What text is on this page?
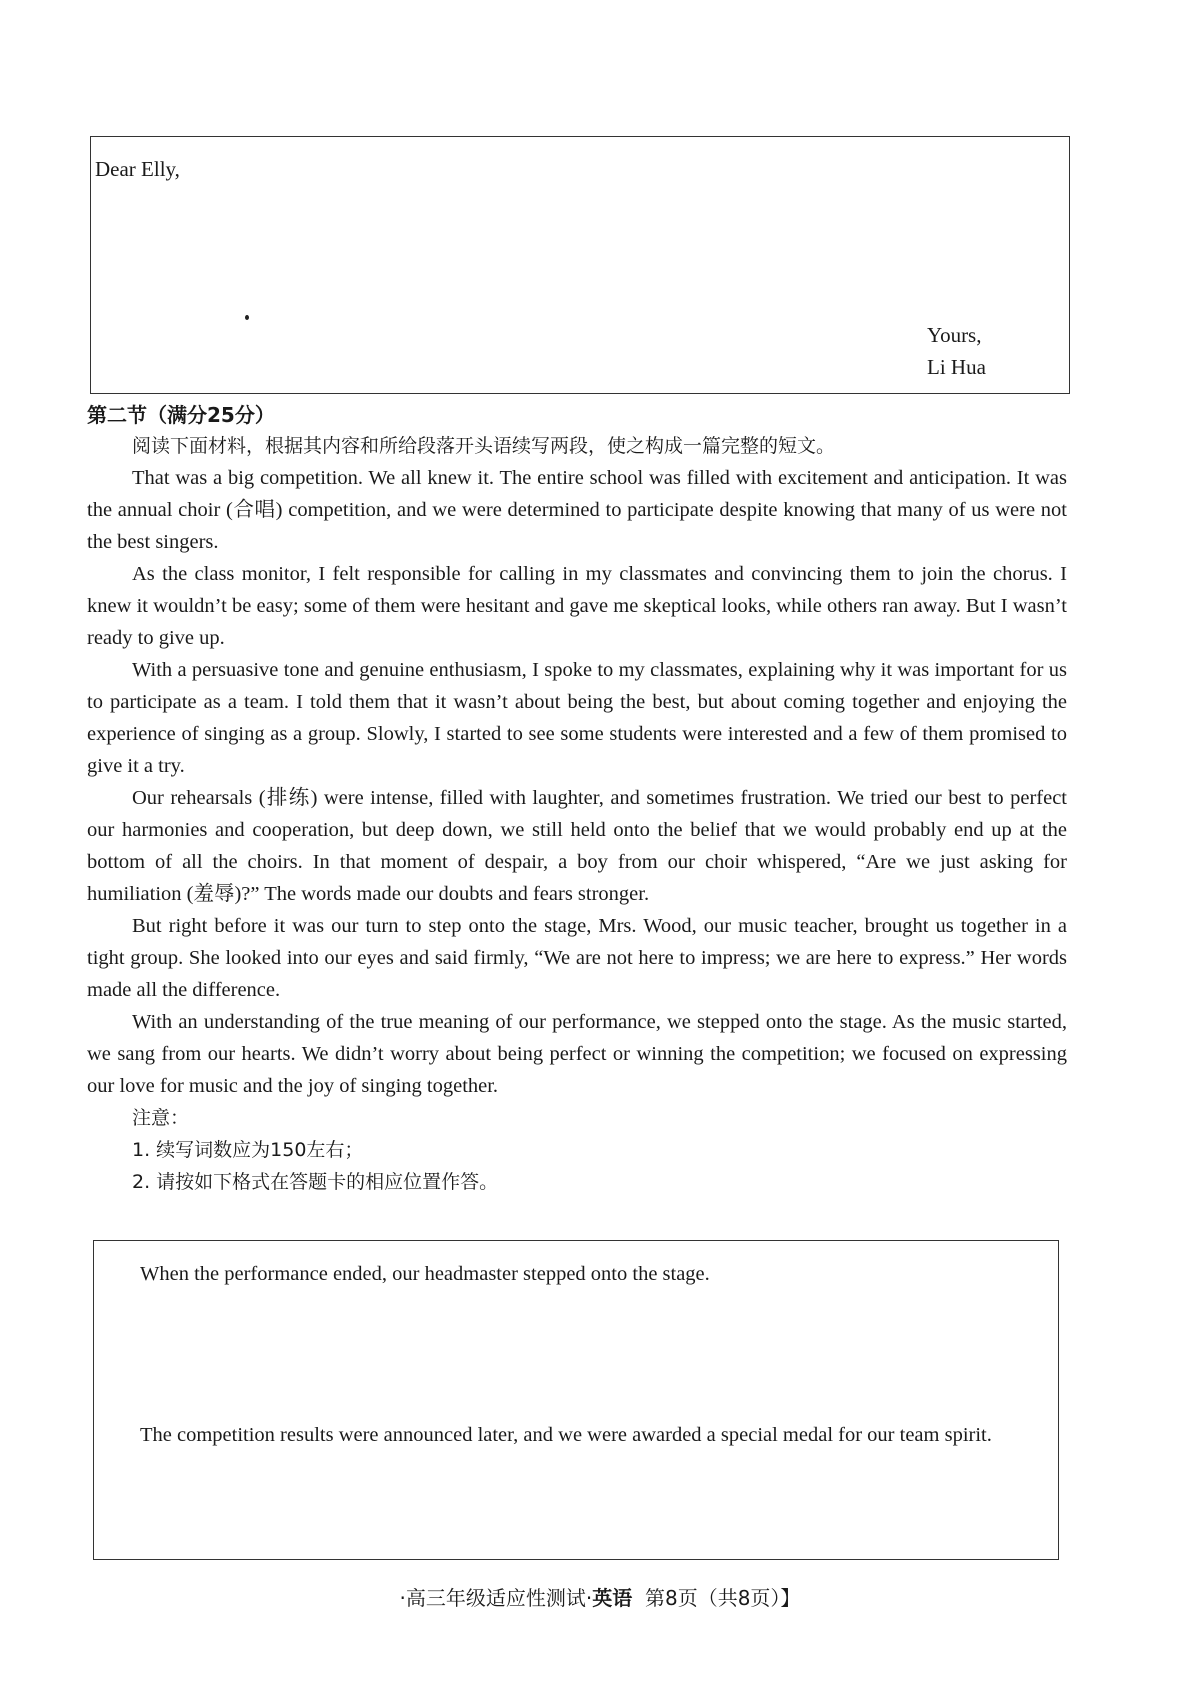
Dear Elly,
Yours,
Li Hua

第二节（满分25分）

阅读下面材料，根据其内容和所给段落开头语续写两段，使之构成一篇完整的短文。

That was a big competition. We all knew it. The entire school was filled with excitement and anticipation. It was the annual choir (合唱) competition, and we were determined to participate despite knowing that many of us were not the best singers.

As the class monitor, I felt responsible for calling in my classmates and convincing them to join the chorus. I knew it wouldn’t be easy; some of them were hesitant and gave me skeptical looks, while others ran away. But I wasn’t ready to give up.

With a persuasive tone and genuine enthusiasm, I spoke to my classmates, explaining why it was important for us to participate as a team. I told them that it wasn’t about being the best, but about coming together and enjoying the experience of singing as a group. Slowly, I started to see some students were interested and a few of them promised to give it a try.

Our rehearsals (排练) were intense, filled with laughter, and sometimes frustration. We tried our best to perfect our harmonies and cooperation, but deep down, we still held onto the belief that we would probably end up at the bottom of all the choirs. In that moment of despair, a boy from our choir whispered, “Are we just asking for humiliation (羞辱)?” The words made our doubts and fears stronger.

But right before it was our turn to step onto the stage, Mrs. Wood, our music teacher, brought us together in a tight group. She looked into our eyes and said firmly, “We are not here to impress; we are here to express.” Her words made all the difference.

With an understanding of the true meaning of our performance, we stepped onto the stage. As the music started, we sang from our hearts. We didn’t worry about being perfect or winning the competition; we focused on expressing our love for music and the joy of singing together.

注意：
1. 续写词数应为150左右；
2. 请按如下格式在答题卡的相应位置作答。
When the performance ended, our headmaster stepped onto the stage.
The competition results were announced later, and we were awarded a special medal for our team spirit.
·高三年级适应性测试·英语 第8页（共8页）】
